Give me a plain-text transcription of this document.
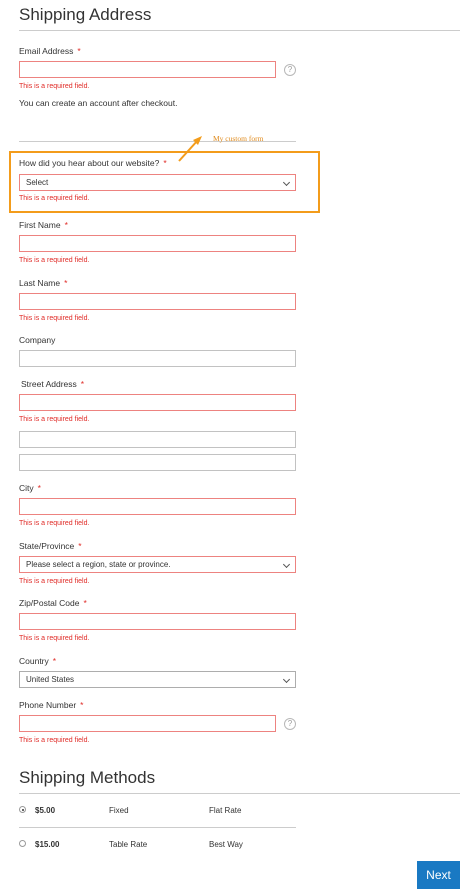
Shipping Address
Email Address *
?
This is a required field.
You can create an account after checkout.
My custom form
How did you hear about our website? *
Select
This is a required field.
First Name *
This is a required field.
Last Name *
This is a required field.
Company
Street Address *
This is a required field.
City *
This is a required field.
State/Province *
Please select a region, state or province.
This is a required field.
Zip/Postal Code *
This is a required field.
Country *
United States
Phone Number *
?
This is a required field.
Shipping Methods
$5.00	Fixed	Flat Rate
$15.00	Table Rate	Best Way
Next
